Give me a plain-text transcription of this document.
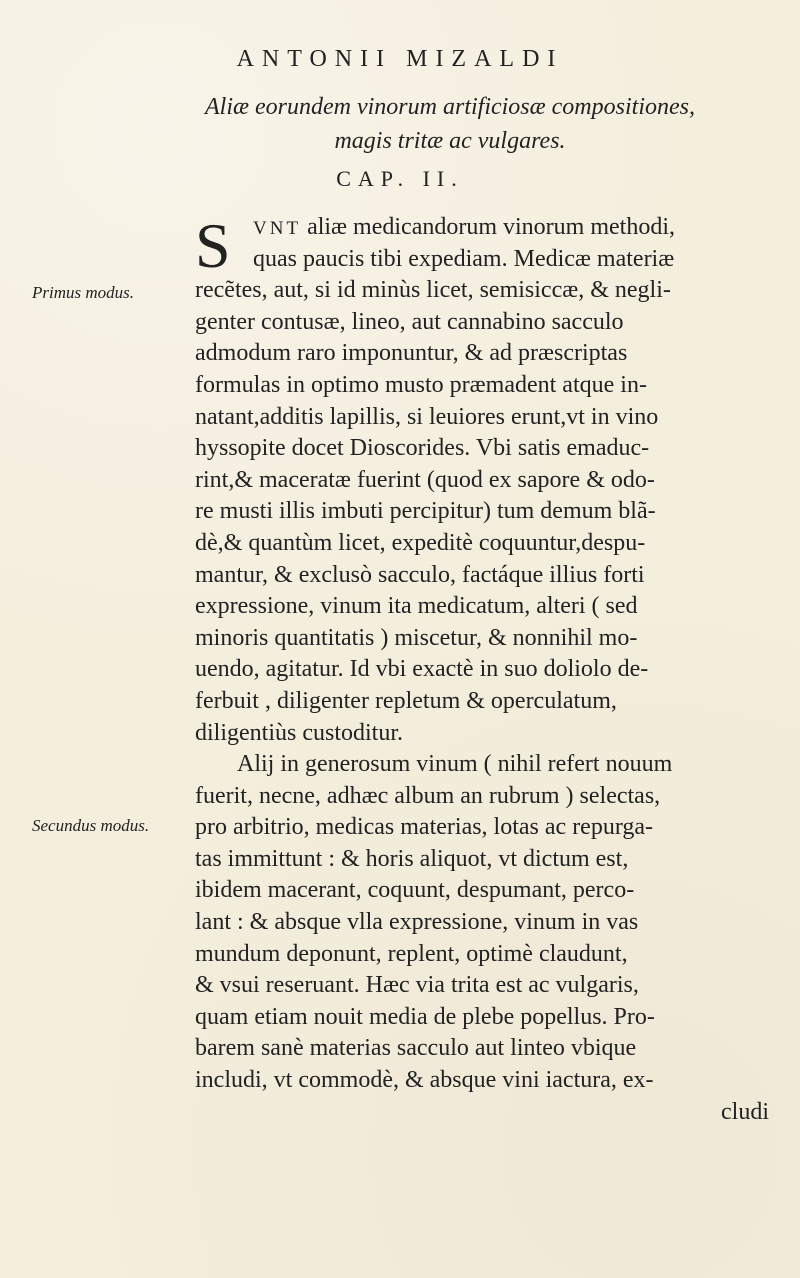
ANTONII MIZALDI
Aliæ eorundem vinorum artificiosæ compositiones, magis tritæ ac vulgares.
CAP. II.
Primus modus.
Secundus modus.
S VNT aliæ medicandorum vinorum methodi,
quas paucis tibi expediam. Medicæ materiæ
recẽtes, aut, si id minùs licet, semisiccæ, & negli-
genter contusæ, lineo, aut cannabino sacculo
admodum raro imponuntur, & ad præscriptas
formulas in optimo musto præmadent atque in-
natant,additis lapillis, si leuiores erunt,vt in vino
hyssopite docet Dioscorides. Vbi satis emaduc-
rint,& maceratæ fuerint (quod ex sapore & odo-
re musti illis imbuti percipitur) tum demum blã-
dè,& quantùm licet, expeditè coquuntur,despu-
mantur, & exclusò sacculo, factáque illius forti
expressione, vinum ita medicatum, alteri ( sed
minoris quantitatis ) miscetur, & nonnihil mo-
uendo, agitatur. Id vbi exactè in suo doliolo de-
ferbuit , diligenter repletum & operculatum,
diligentiùs custoditur.
Alij in generosum vinum ( nihil refert nouum
fuerit, necne, adhæc album an rubrum ) selectas,
pro arbitrio, medicas materias, lotas ac repurga-
tas immittunt : & horis aliquot, vt dictum est,
ibidem macerant, coquunt, despumant, perco-
lant : & absque vlla expressione, vinum in vas
mundum deponunt, replent, optimè claudunt,
& vsui reseruant. Hæc via trita est ac vulgaris,
quam etiam nouit media de plebe popellus. Pro-
barem sanè materias sacculo aut linteo vbique
includi, vt commodè, & absque vini iactura, ex-
cludi
